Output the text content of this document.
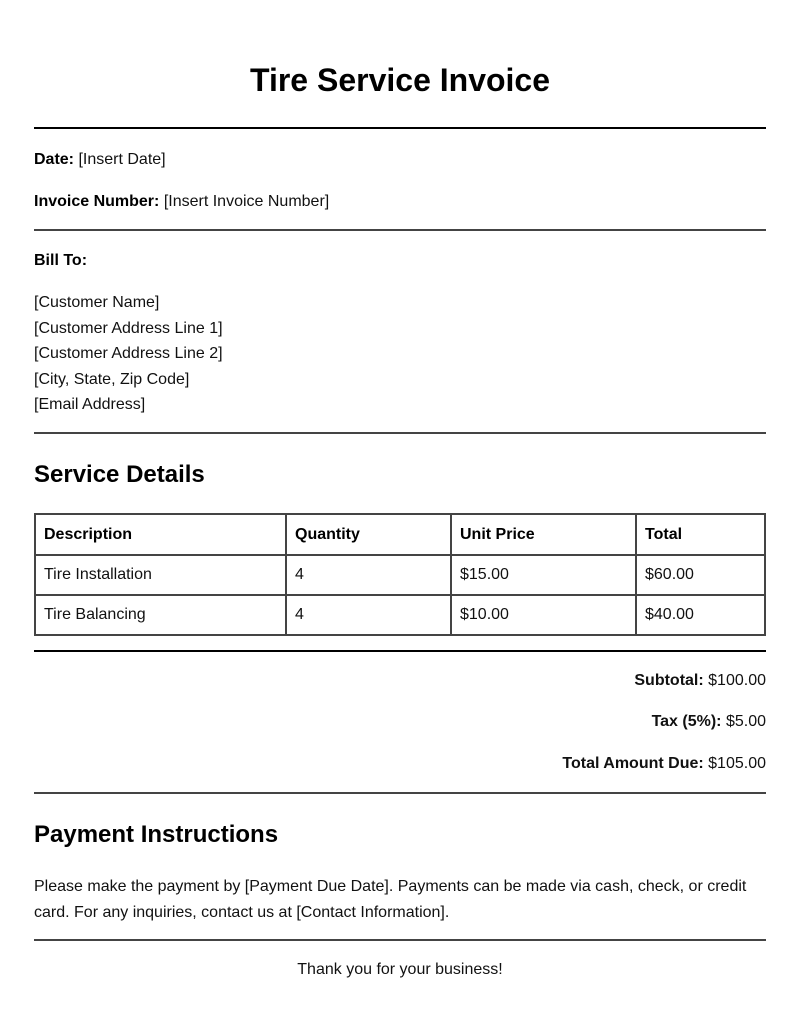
Tire Service Invoice
Date: [Insert Date]
Invoice Number: [Insert Invoice Number]
Bill To:
[Customer Name]
[Customer Address Line 1]
[Customer Address Line 2]
[City, State, Zip Code]
[Email Address]
Service Details
Description	Quantity	Unit Price	Total
Tire Installation	4	$15.00	$60.00
Tire Balancing	4	$10.00	$40.00
Subtotal: $100.00
Tax (5%): $5.00
Total Amount Due: $105.00
Payment Instructions
Please make the payment by [Payment Due Date]. Payments can be made via cash, check, or credit card. For any inquiries, contact us at [Contact Information].
Thank you for your business!
